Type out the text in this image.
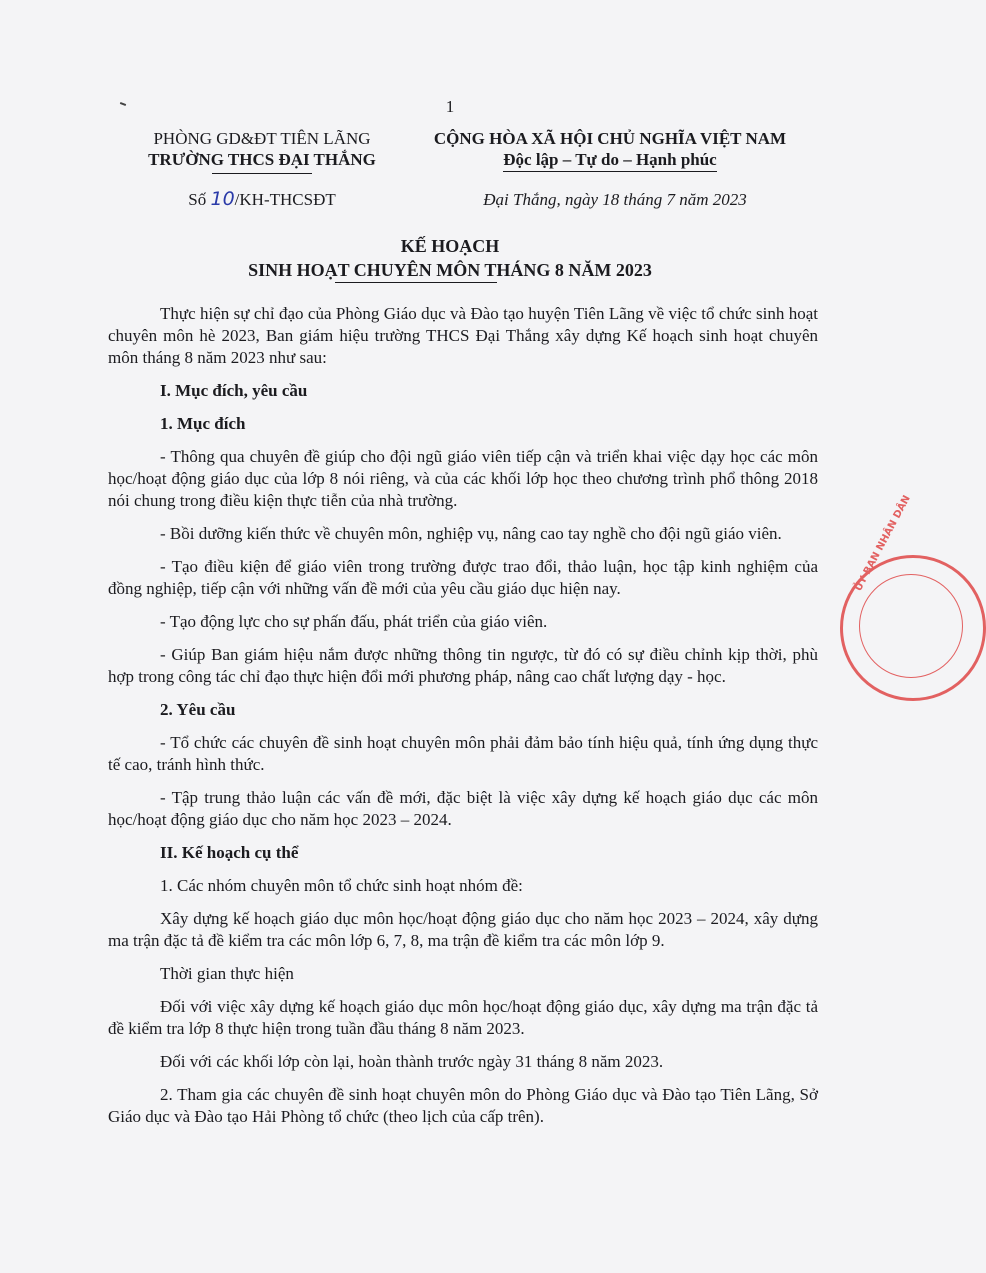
1
PHÒNG GD&ĐT TIÊN LÃNG
TRƯỜNG THCS ĐẠI THẮNG
CỘNG HÒA XÃ HỘI CHỦ NGHĨA VIỆT NAM
Độc lập – Tự do – Hạnh phúc
Số 10/KH-THCSĐT	Đại Thắng, ngày 18 tháng 7 năm 2023
KẾ HOẠCH
SINH HOẠT CHUYÊN MÔN THÁNG 8 NĂM 2023

Thực hiện sự chỉ đạo của Phòng Giáo dục và Đào tạo huyện Tiên Lãng về việc tổ chức sinh hoạt chuyên môn hè 2023, Ban giám hiệu trường THCS Đại Thắng xây dựng Kế hoạch sinh hoạt chuyên môn tháng 8 năm 2023 như sau:

I. Mục đích, yêu cầu
1. Mục đích

- Thông qua chuyên đề giúp cho đội ngũ giáo viên tiếp cận và triển khai việc dạy học các môn học/hoạt động giáo dục của lớp 8 nói riêng, và của các khối lớp học theo chương trình phổ thông 2018 nói chung trong điều kiện thực tiễn của nhà trường.

- Bồi dưỡng kiến thức về chuyên môn, nghiệp vụ, nâng cao tay nghề cho đội ngũ giáo viên.

- Tạo điều kiện để giáo viên trong trường được trao đổi, thảo luận, học tập kinh nghiệm của đồng nghiệp, tiếp cận với những vấn đề mới của yêu cầu giáo dục hiện nay.

- Tạo động lực cho sự phấn đấu, phát triển của giáo viên.

- Giúp Ban giám hiệu nắm được những thông tin ngược, từ đó có sự điều chỉnh kịp thời, phù hợp trong công tác chỉ đạo thực hiện đổi mới phương pháp, nâng cao chất lượng dạy - học.

2. Yêu cầu

- Tổ chức các chuyên đề sinh hoạt chuyên môn phải đảm bảo tính hiệu quả, tính ứng dụng thực tế cao, tránh hình thức.

- Tập trung thảo luận các vấn đề mới, đặc biệt là việc xây dựng kế hoạch giáo dục các môn học/hoạt động giáo dục cho năm học 2023 – 2024.

II. Kế hoạch cụ thể

1. Các nhóm chuyên môn tổ chức sinh hoạt nhóm đề:

Xây dựng kế hoạch giáo dục môn học/hoạt động giáo dục cho năm học 2023 – 2024, xây dựng ma trận đặc tả đề kiểm tra các môn lớp 6, 7, 8, ma trận đề kiểm tra các môn lớp 9.

Thời gian thực hiện

Đối với việc xây dựng kế hoạch giáo dục môn học/hoạt động giáo dục, xây dựng ma trận đặc tả đề kiểm tra lớp 8 thực hiện trong tuần đầu tháng 8 năm 2023.

Đối với các khối lớp còn lại, hoàn thành trước ngày 31 tháng 8 năm 2023.

2. Tham gia các chuyên đề sinh hoạt chuyên môn do Phòng Giáo dục và Đào tạo Tiên Lãng, Sở Giáo dục và Đào tạo Hải Phòng tổ chức (theo lịch của cấp trên).

ỦY BAN NHÂN DÂN
